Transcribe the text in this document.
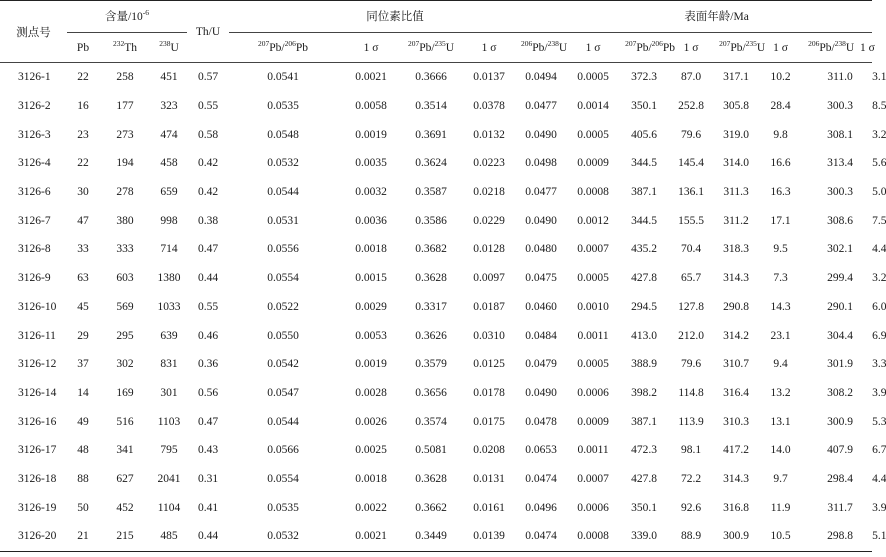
测点号	含量$/10^{-6}$			Th/U	同位素比值					表面年龄/Ma						
	Pb	$^{232}$Th	$^{238}$U		$^{207}$Pb/$^{206}$Pb	1 σ	$^{207}$Pb/$^{235}$U	1 σ	$^{206}$Pb/$^{238}$U	1 σ	$^{207}$Pb/$^{206}$Pb	1 σ	$^{207}$Pb/$^{235}$U	1 σ	$^{206}$Pb/$^{238}$U 1 σ	
3126-1	22	258	451	0.57	0.0541	0.0021	0.3666	0.0137	0.0494	0.0005	372.3	87.0	317.1	10.2	311.0	3.1
3126-2	16	177	323	0.55	0.0535	0.0058	0.3514	0.0378	0.0477	0.0014	350.1	252.8	305.8	28.4	300.3	8.5
3126-3	23	273	474	0.58	0.0548	0.0019	0.3691	0.0132	0.0490	0.0005	405.6	79.6	319.0	9.8	308.1	3.2
3126-4	22	194	458	0.42	0.0532	0.0035	0.3624	0.0223	0.0498	0.0009	344.5	145.4	314.0	16.6	313.4	5.6
3126-6	30	278	659	0.42	0.0544	0.0032	0.3587	0.0218	0.0477	0.0008	387.1	136.1	311.3	16.3	300.3	5.0
3126-7	47	380	998	0.38	0.0531	0.0036	0.3586	0.0229	0.0490	0.0012	344.5	155.5	311.2	17.1	308.6	7.5
3126-8	33	333	714	0.47	0.0556	0.0018	0.3682	0.0128	0.0480	0.0007	435.2	70.4	318.3	9.5	302.1	4.4
3126-9	63	603	1380	0.44	0.0554	0.0015	0.3628	0.0097	0.0475	0.0005	427.8	65.7	314.3	7.3	299.4	3.2
3126-10	45	569	1033	0.55	0.0522	0.0029	0.3317	0.0187	0.0460	0.0010	294.5	127.8	290.8	14.3	290.1	6.0
3126-11	29	295	639	0.46	0.0550	0.0053	0.3626	0.0310	0.0484	0.0011	413.0	212.0	314.2	23.1	304.4	6.9
3126-12	37	302	831	0.36	0.0542	0.0019	0.3579	0.0125	0.0479	0.0005	388.9	79.6	310.7	9.4	301.9	3.3
3126-14	14	169	301	0.56	0.0547	0.0028	0.3656	0.0178	0.0490	0.0006	398.2	114.8	316.4	13.2	308.2	3.9
3126-16	49	516	1103	0.47	0.0544	0.0026	0.3574	0.0175	0.0478	0.0009	387.1	113.9	310.3	13.1	300.9	5.3
3126-17	48	341	795	0.43	0.0566	0.0025	0.5081	0.0208	0.0653	0.0011	472.3	98.1	417.2	14.0	407.9	6.7
3126-18	88	627	2041	0.31	0.0554	0.0018	0.3628	0.0131	0.0474	0.0007	427.8	72.2	314.3	9.7	298.4	4.4
3126-19	50	452	1104	0.41	0.0535	0.0022	0.3662	0.0161	0.0496	0.0006	350.1	92.6	316.8	11.9	311.7	3.9
3126-20	21	215	485	0.44	0.0532	0.0021	0.3449	0.0139	0.0474	0.0008	339.0	88.9	300.9	10.5	298.8	5.1
